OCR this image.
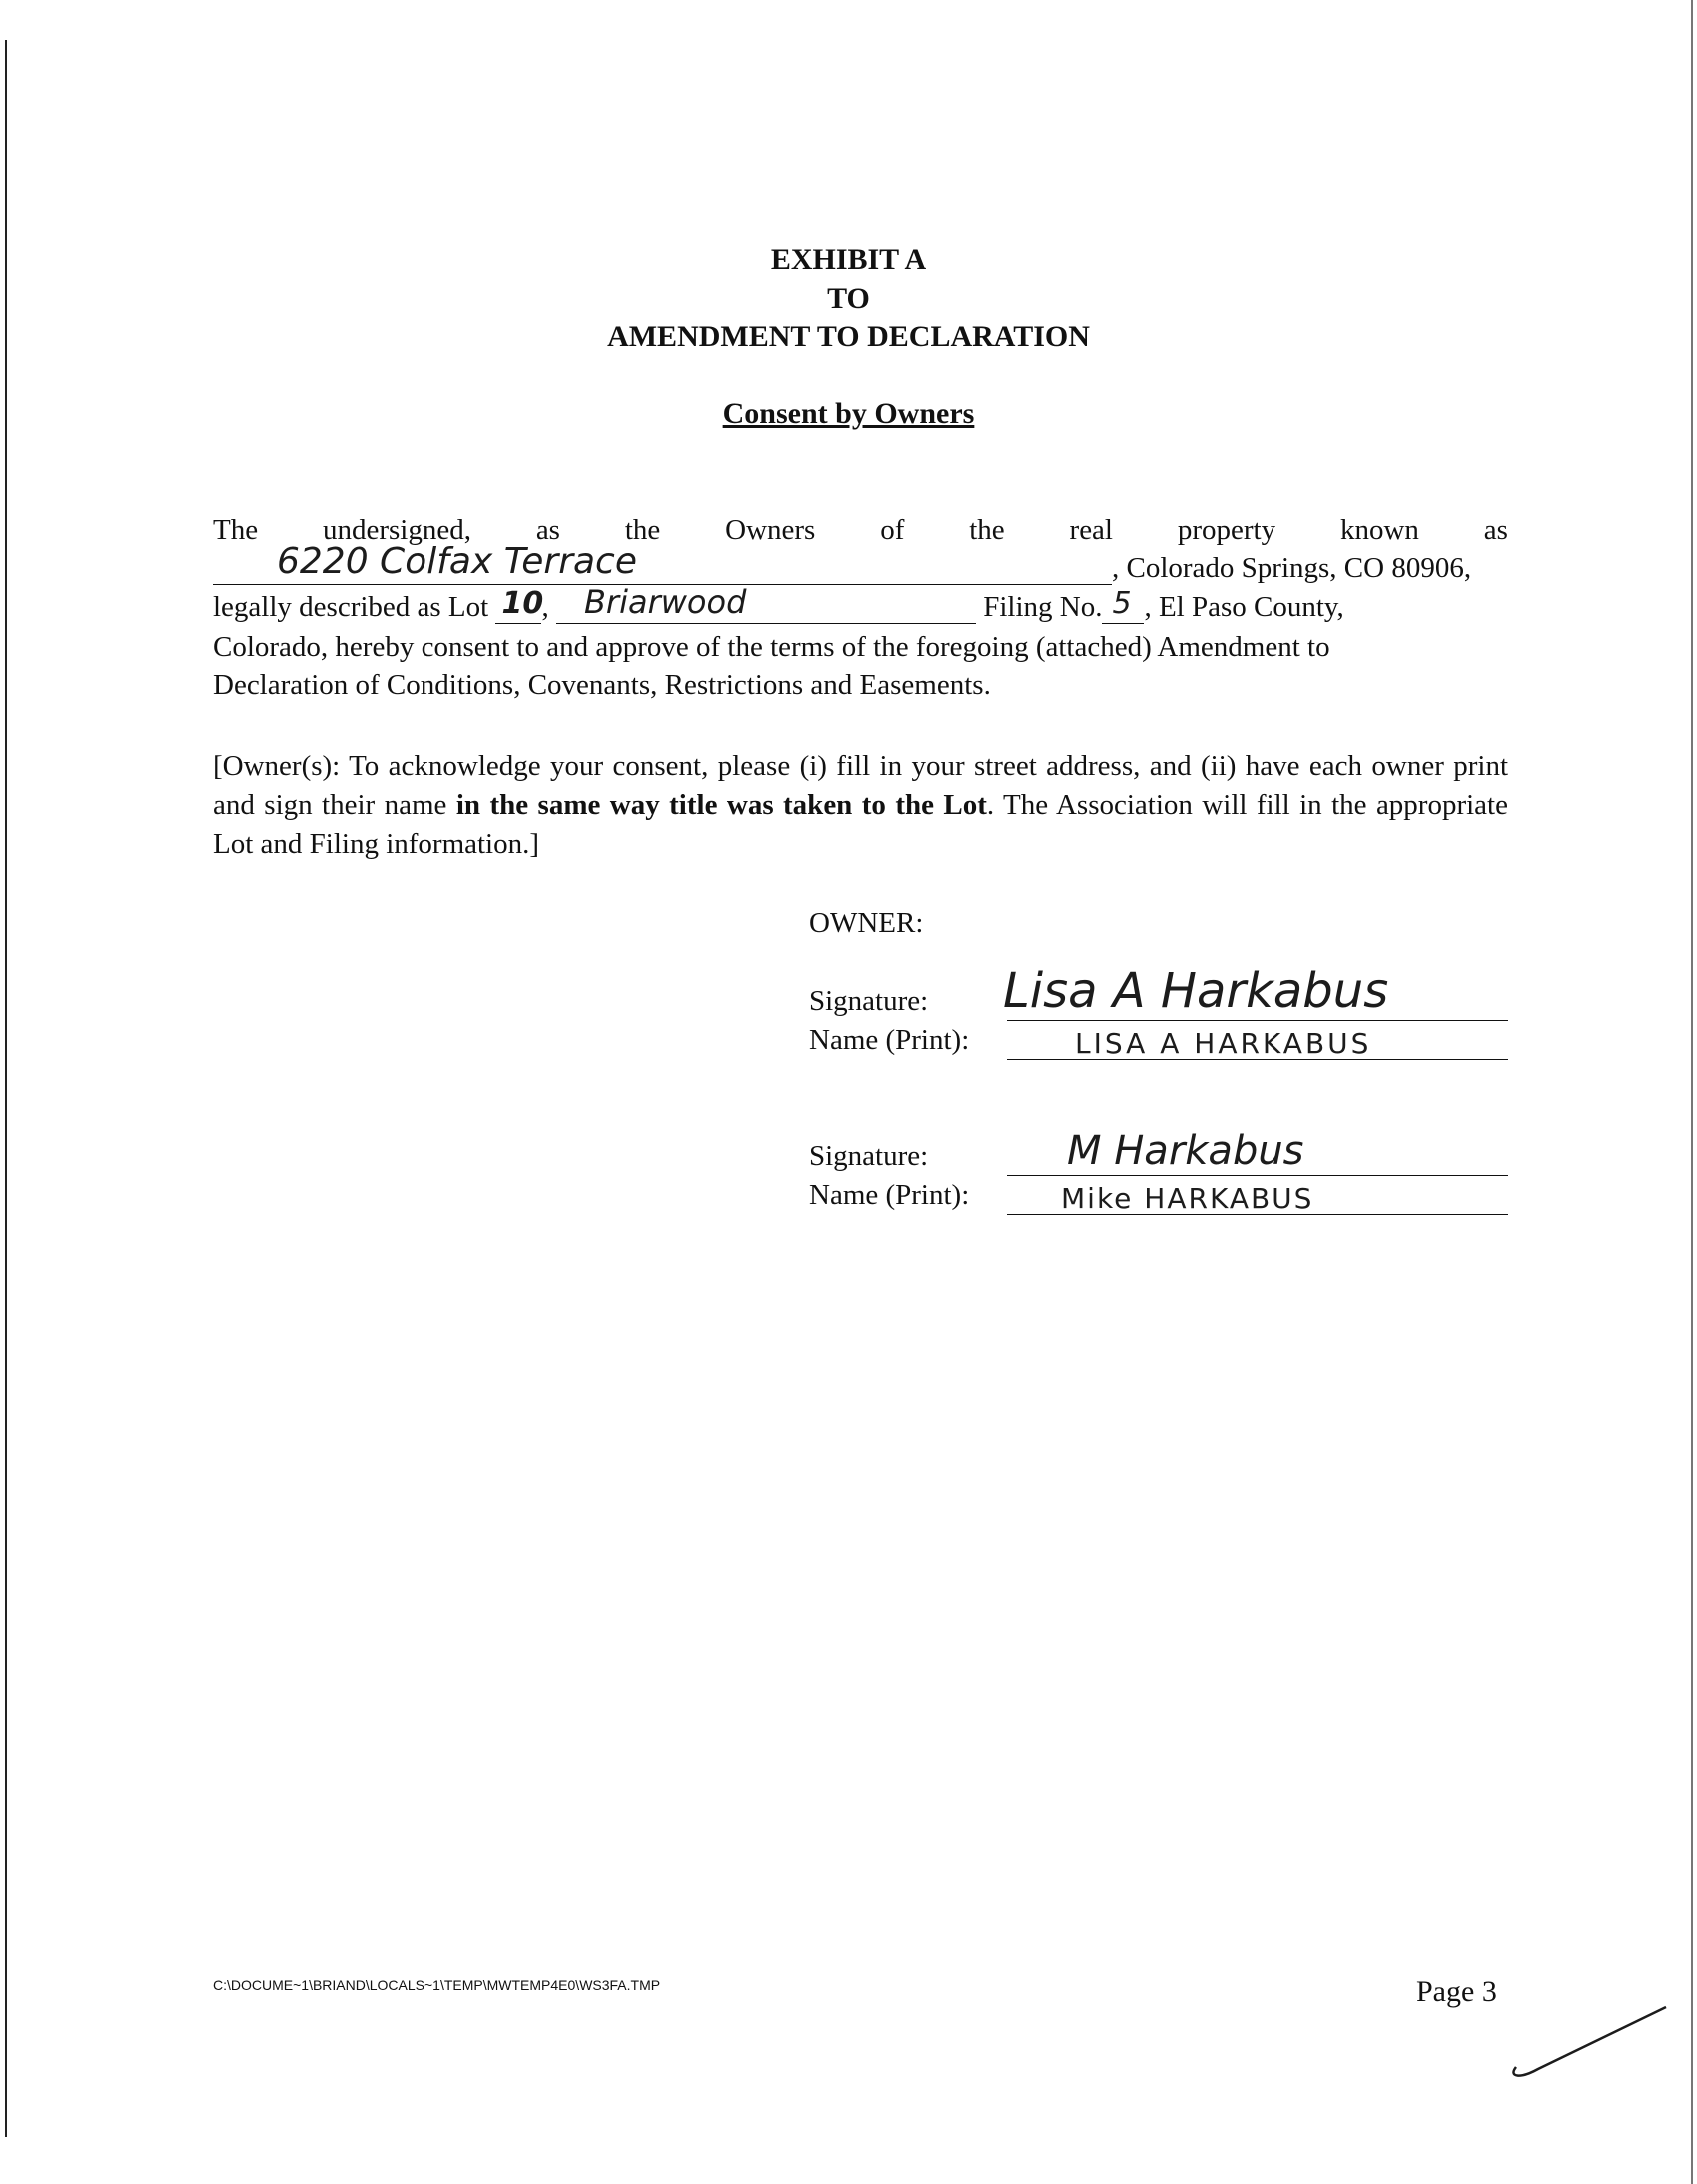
EXHIBIT A
TO
AMENDMENT TO DECLARATION
Consent by Owners
The undersigned, as the Owners of the real property known as
6220 Colfax Terrace	, Colorado Springs, CO 80906,
legally described as Lot 10
, Briarwood	Filing No. 5 , El Paso County,
Colorado, hereby consent to and approve of the terms of the foregoing (attached) Amendment to
Declaration of Conditions, Covenants, Restrictions and Easements.
[Owner(s): To acknowledge your consent, please (i) fill in your street address, and (ii) have each owner print and sign their name in the same way title was taken to the Lot. The Association will fill in the appropriate Lot and Filing information.]
OWNER:
Signature: Lisa A Harkabus
Name (Print):	LISA A HARKABUS
Signature:	M Harkabus
Name (Print):	Mike HARKABUS
C:\DOCUME~1\BRIAND\LOCALS~1\TEMP\MWTEMP4E0\WS3FA.TMP	Page 3
